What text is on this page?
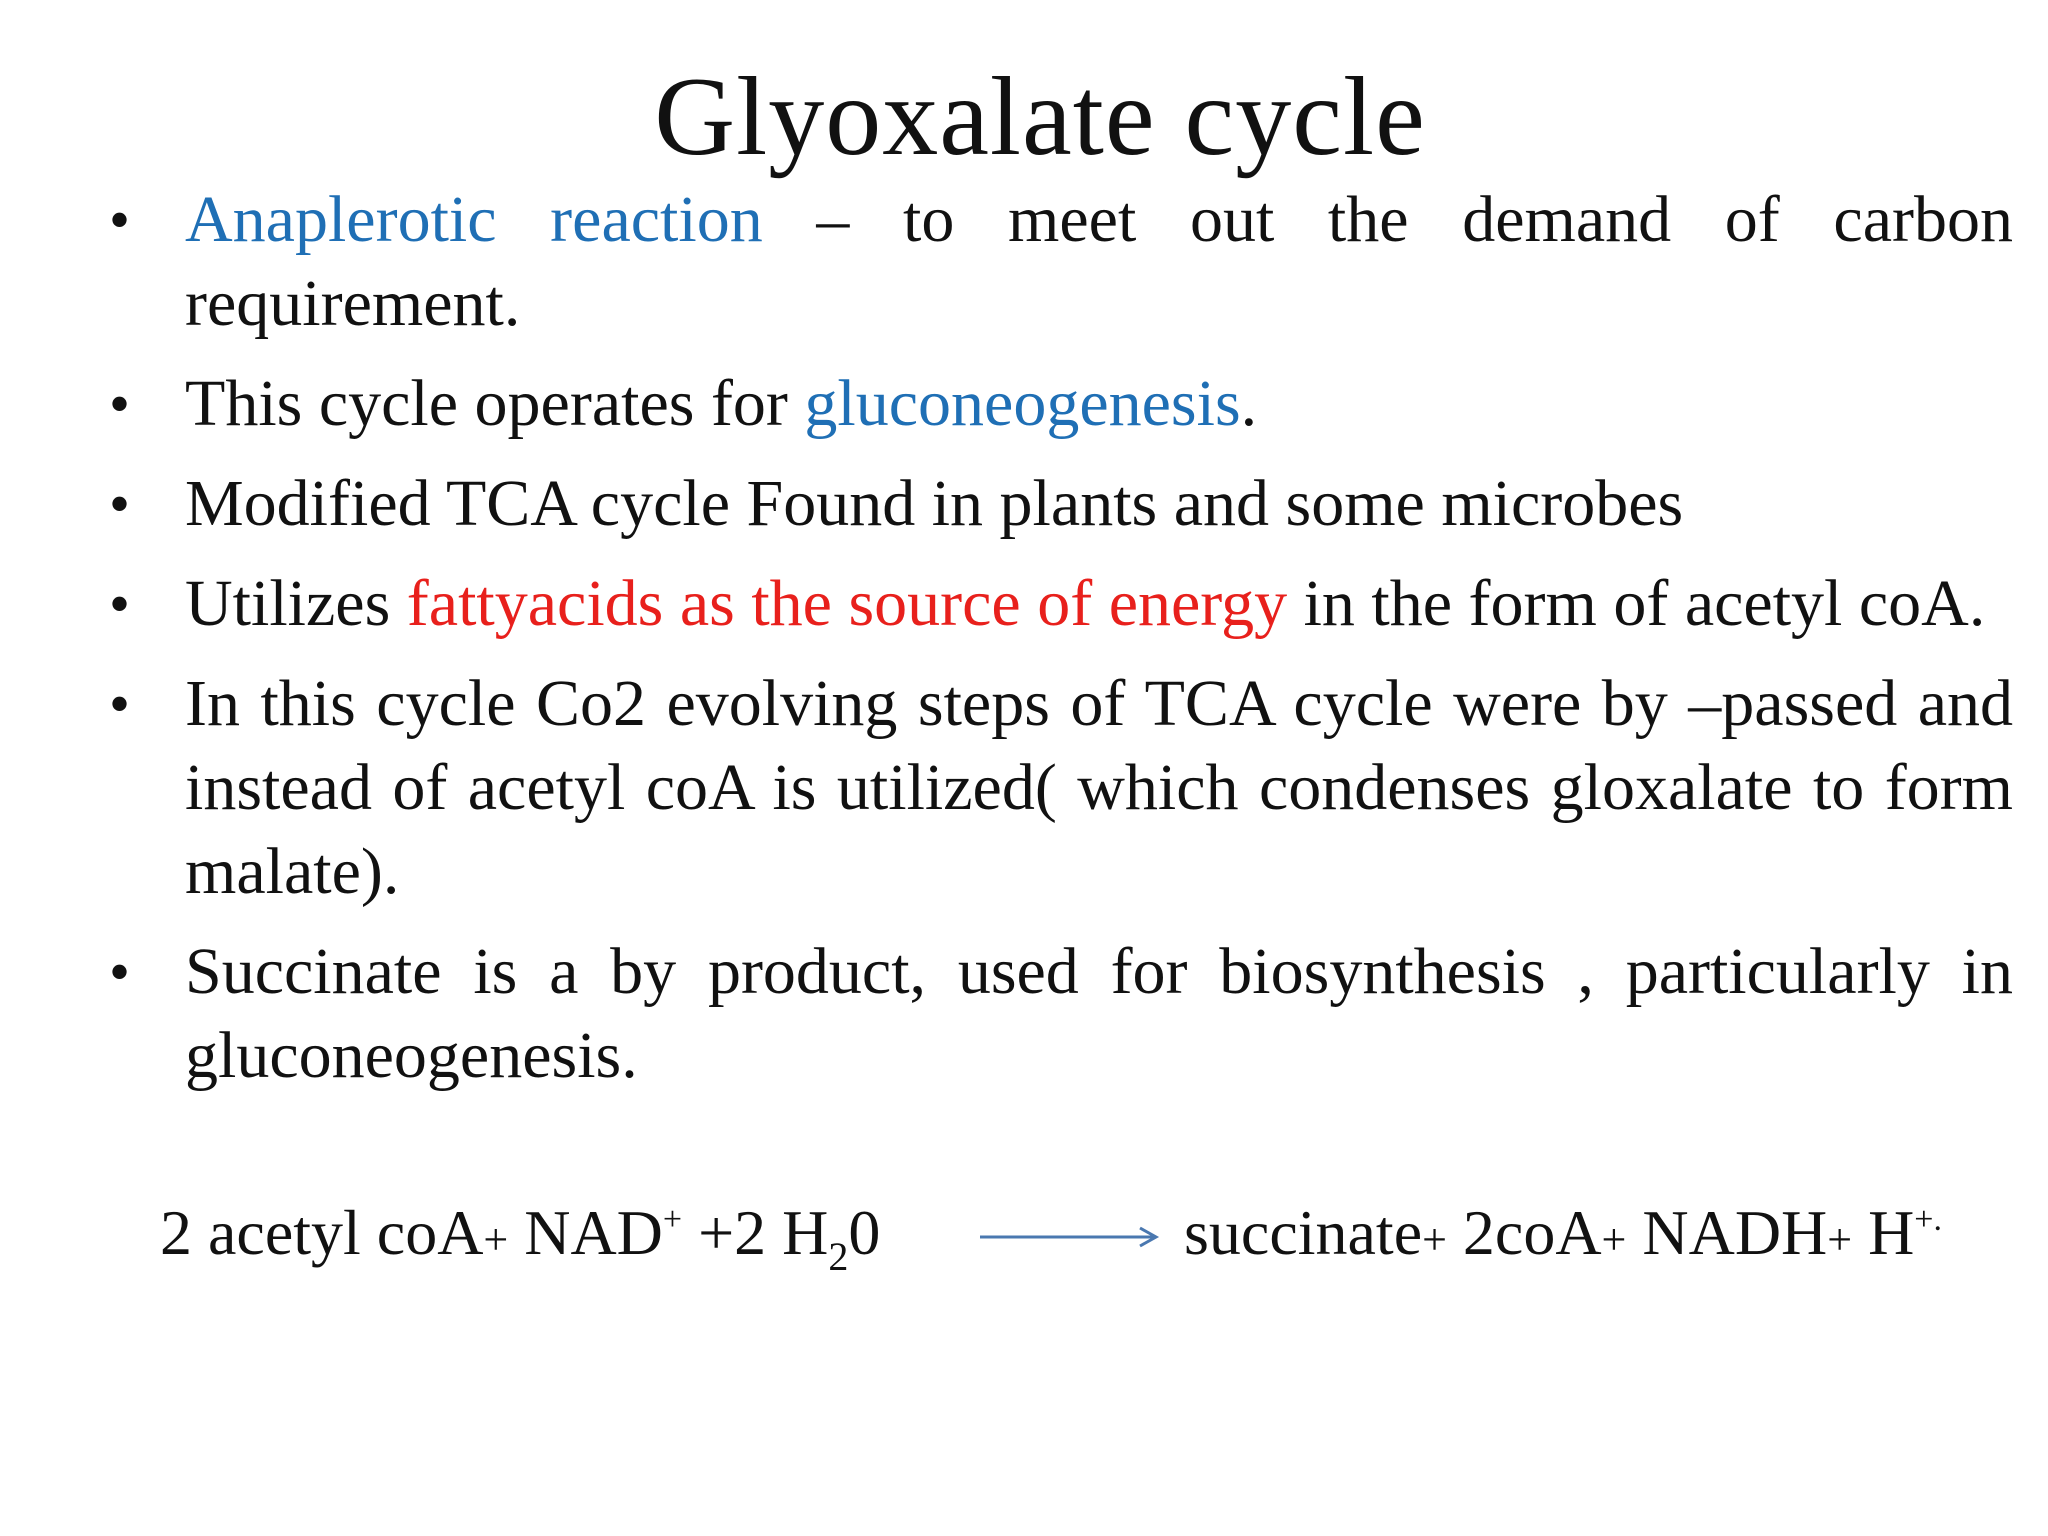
Glyoxalate cycle
• Anaplerotic reaction – to meet out the demand of carbon requirement.
• This cycle operates for gluconeogenesis.
• Modified TCA cycle Found in plants and some microbes
• Utilizes fattyacids as the source of energy in the form of acetyl coA.
• In this cycle Co2 evolving steps of TCA cycle were by –passed and instead of acetyl coA is utilized( which condenses gloxalate to form malate).
• Succinate is a by product, used for biosynthesis , particularly in gluconeogenesis.
2 acetyl coA+ NAD+ +2 $H_20$ → succinate+ 2coA+ NADH+ H+.
